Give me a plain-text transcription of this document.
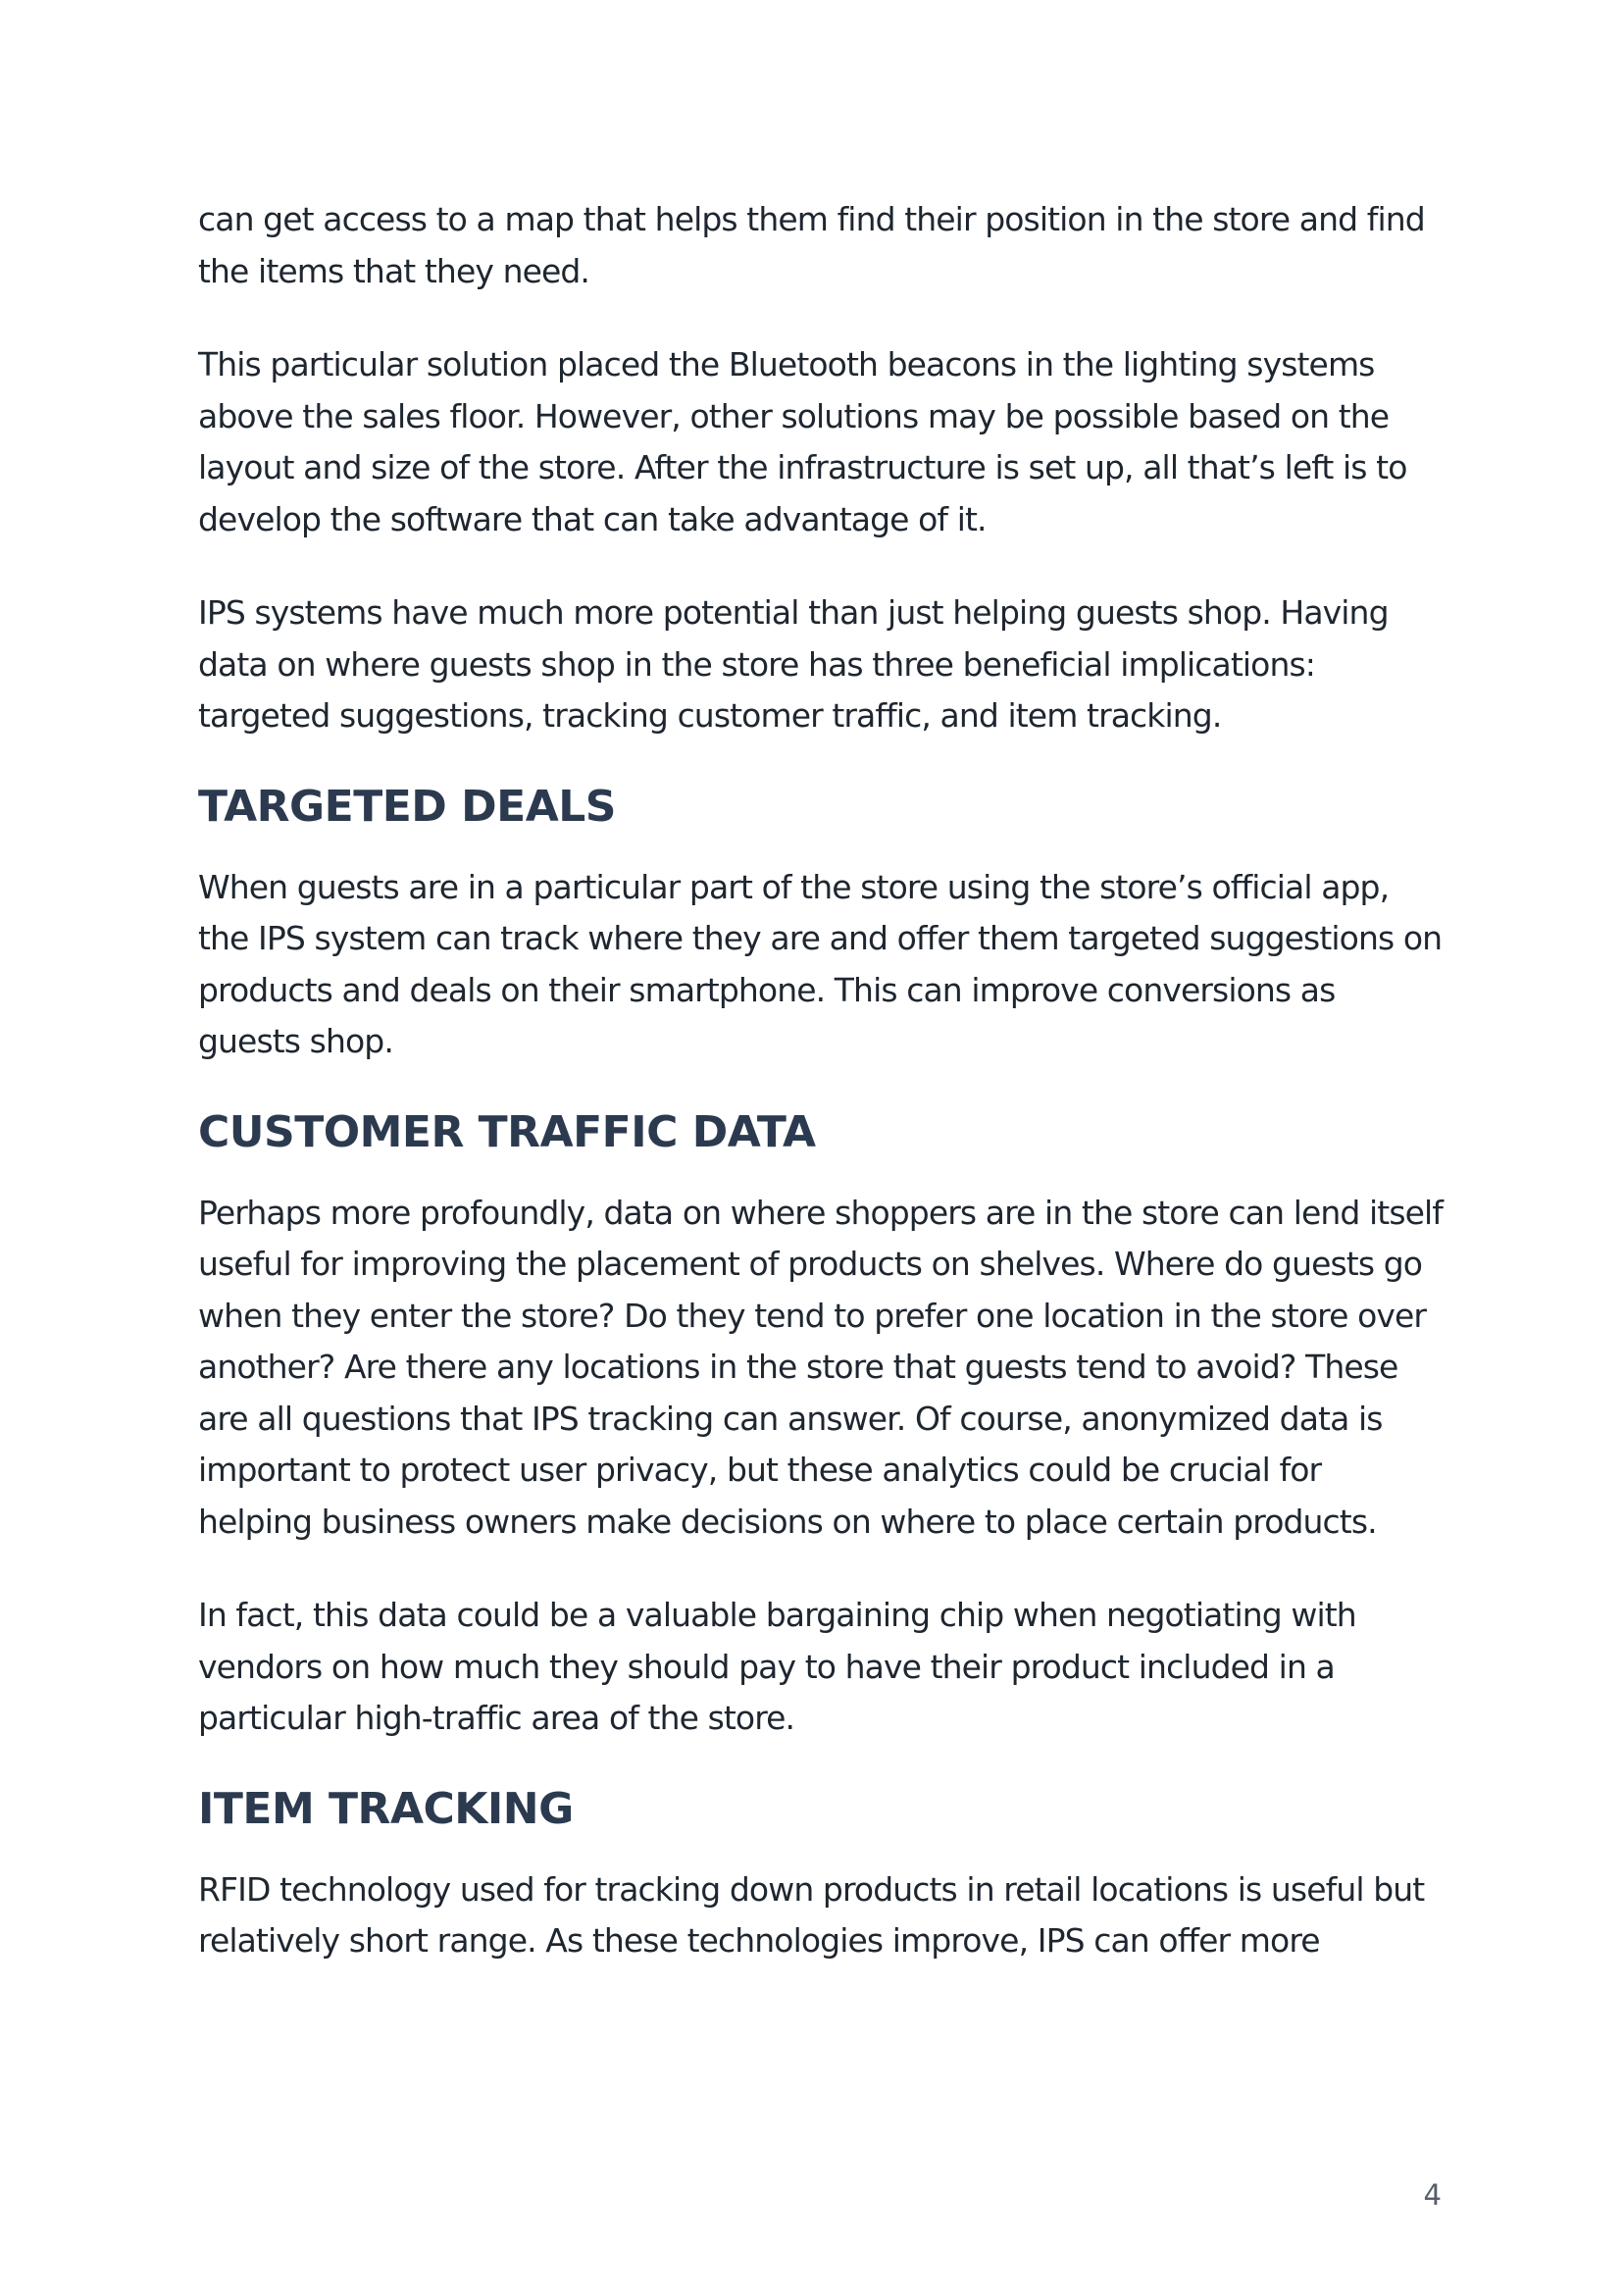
can get access to a map that helps them find their position in the store and find the items that they need.

This particular solution placed the Bluetooth beacons in the lighting systems above the sales floor. However, other solutions may be possible based on the layout and size of the store. After the infrastructure is set up, all that’s left is to develop the software that can take advantage of it.

IPS systems have much more potential than just helping guests shop. Having data on where guests shop in the store has three beneficial implications: targeted suggestions, tracking customer traffic, and item tracking.

TARGETED DEALS

When guests are in a particular part of the store using the store’s official app, the IPS system can track where they are and offer them targeted suggestions on products and deals on their smartphone. This can improve conversions as guests shop.

CUSTOMER TRAFFIC DATA

Perhaps more profoundly, data on where shoppers are in the store can lend itself useful for improving the placement of products on shelves. Where do guests go when they enter the store? Do they tend to prefer one location in the store over another? Are there any locations in the store that guests tend to avoid? These are all questions that IPS tracking can answer. Of course, anonymized data is important to protect user privacy, but these analytics could be crucial for helping business owners make decisions on where to place certain products.

In fact, this data could be a valuable bargaining chip when negotiating with vendors on how much they should pay to have their product included in a particular high-traffic area of the store.

ITEM TRACKING

RFID technology used for tracking down products in retail locations is useful but relatively short range. As these technologies improve, IPS can offer more

4
